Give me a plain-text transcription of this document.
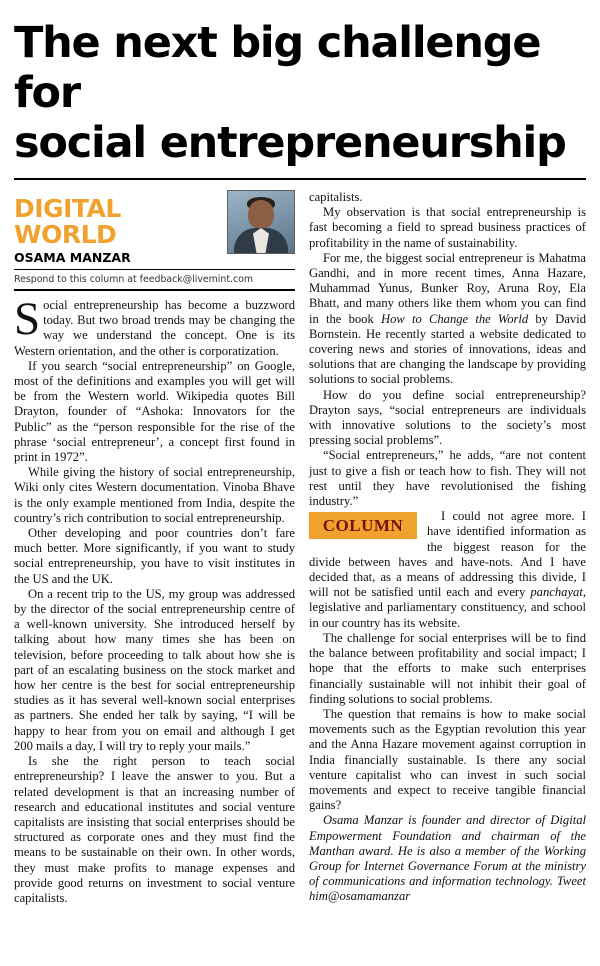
The next big challenge for
social entrepreneurship
DIGITAL WORLD
OSAMA MANZAR
Respond to this column at feedback@livemint.com

Social entrepreneurship has become a buzzword today. But two broad trends may be changing the way we understand the concept. One is its Western orientation, and the other is corporatization.

If you search “social entrepreneurship” on Google, most of the definitions and examples you will get will be from the Western world. Wikipedia quotes Bill Drayton, founder of “Ashoka: Innovators for the Public” as the “person responsible for the rise of the phrase ‘social entrepreneur’, a concept first found in print in 1972”.

While giving the history of social entrepreneurship, Wiki only cites Western documentation. Vinoba Bhave is the only example mentioned from India, despite the country’s rich contribution to social entrepreneurship.

Other developing and poor countries don’t fare much better. More significantly, if you want to study social entrepreneurship, you have to visit institutes in the US and the UK.

On a recent trip to the US, my group was addressed by the director of the social entrepreneurship centre of a well-known university. She introduced herself by talking about how many times she has been on television, before proceeding to talk about how she is part of an escalating business on the stock market and how her centre is the best for social entrepreneurship studies as it has several well-known social enterprises as partners. She ended her talk by saying, “I will be happy to hear from you on email and although I get 200 mails a day, I will try to reply your mails.”

Is she the right person to teach social entrepreneurship? I leave the answer to you. But a related development is that an increasing number of research and educational institutes and social venture capitalists are insisting that social enterprises should be structured as corporate ones and they must find the means to be sustainable on their own. In other words, they must make profits to manage expenses and provide good returns on investment to social venture capitalists.

capitalists.

My observation is that social entrepreneurship is fast becoming a field to spread business practices of profitability in the name of sustainability.

For me, the biggest social entrepreneur is Mahatma Gandhi, and in more recent times, Anna Hazare, Muhammad Yunus, Bunker Roy, Aruna Roy, Ela Bhatt, and many others like them whom you can find in the book How to Change the World by David Bornstein. He recently started a website dedicated to covering news and stories of innovations, ideas and solutions that are changing the landscape by providing solutions to social problems.

How do you define social entrepreneurship? Drayton says, “social entrepreneurs are individuals with innovative solutions to the society’s most pressing social problems”.

“Social entrepreneurs,” he adds, “are not content just to give a fish or teach how to fish. They will not rest until they have revolutionised the fishing industry.”

COLUMN	I could not agree more. I have identified information as the biggest reason for the divide between haves and have-nots. And I have decided that, as a means of addressing this divide, I will not be satisfied until each and every panchayat, legislative and parliamentary constituency, and school in our country has its website.

The challenge for social enterprises will be to find the balance between profitability and social impact; I hope that the efforts to make such enterprises financially sustainable will not inhibit their goal of finding solutions to social problems.

The question that remains is how to make social movements such as the Egyptian revolution this year and the Anna Hazare movement against corruption in India financially sustainable. Is there any social venture capitalist who can invest in such social movements and expect to receive tangible financial gains?

Osama Manzar is founder and director of Digital Empowerment Foundation and chairman of the Manthan award. He is also a member of the Working Group for Internet Governance Forum at the ministry of communications and information technology. Tweet him@osamamanzar
